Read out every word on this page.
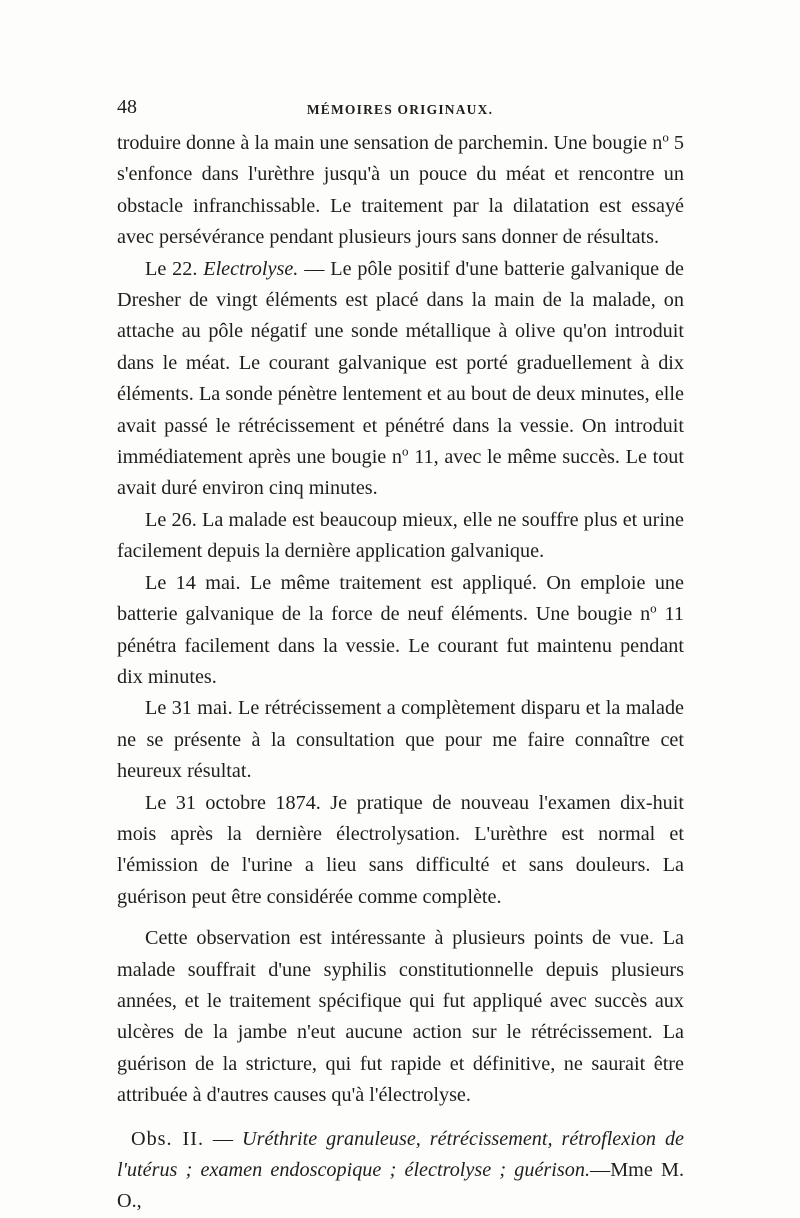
48	MÉMOIRES ORIGINAUX.

troduire donne à la main une sensation de parchemin. Une bougie $n^o$ 5 s'enfonce dans l'urèthre jusqu'à un pouce du méat et rencontre un obstacle infranchissable. Le traitement par la dilatation est essayé avec persévérance pendant plusieurs jours sans donner de résultats.

Le 22. Electrolyse. — Le pôle positif d'une batterie galvanique de Dresher de vingt éléments est placé dans la main de la malade, on attache au pôle négatif une sonde métallique à olive qu'on introduit dans le méat. Le courant galvanique est porté graduellement à dix éléments. La sonde pénètre lentement et au bout de deux minutes, elle avait passé le rétrécissement et pénétré dans la vessie. On introduit immédiatement après une bougie $n^o$ 11, avec le même succès. Le tout avait duré environ cinq minutes.

Le 26. La malade est beaucoup mieux, elle ne souffre plus et urine facilement depuis la dernière application galvanique.

Le 14 mai. Le même traitement est appliqué. On emploie une batterie galvanique de la force de neuf éléments. Une bougie $n^o$ 11 pénétra facilement dans la vessie. Le courant fut maintenu pendant dix minutes.

Le 31 mai. Le rétrécissement a complètement disparu et la malade ne se présente à la consultation que pour me faire connaître cet heureux résultat.

Le 31 octobre 1874. Je pratique de nouveau l'examen dix-huit mois après la dernière électrolysation. L'urèthre est normal et l'émission de l'urine a lieu sans difficulté et sans douleurs. La guérison peut être considérée comme complète.

Cette observation est intéressante à plusieurs points de vue. La malade souffrait d'une syphilis constitutionnelle depuis plusieurs années, et le traitement spécifique qui fut appliqué avec succès aux ulcères de la jambe n'eut aucune action sur le rétrécissement. La guérison de la stricture, qui fut rapide et définitive, ne saurait être attribuée à d'autres causes qu'à l'électrolyse.

Obs. II. — Uréthrite granuleuse, rétrécissement, rétroflexion de l'utérus ; examen endoscopique ; électrolyse ; guérison.—Mme M. O.,
